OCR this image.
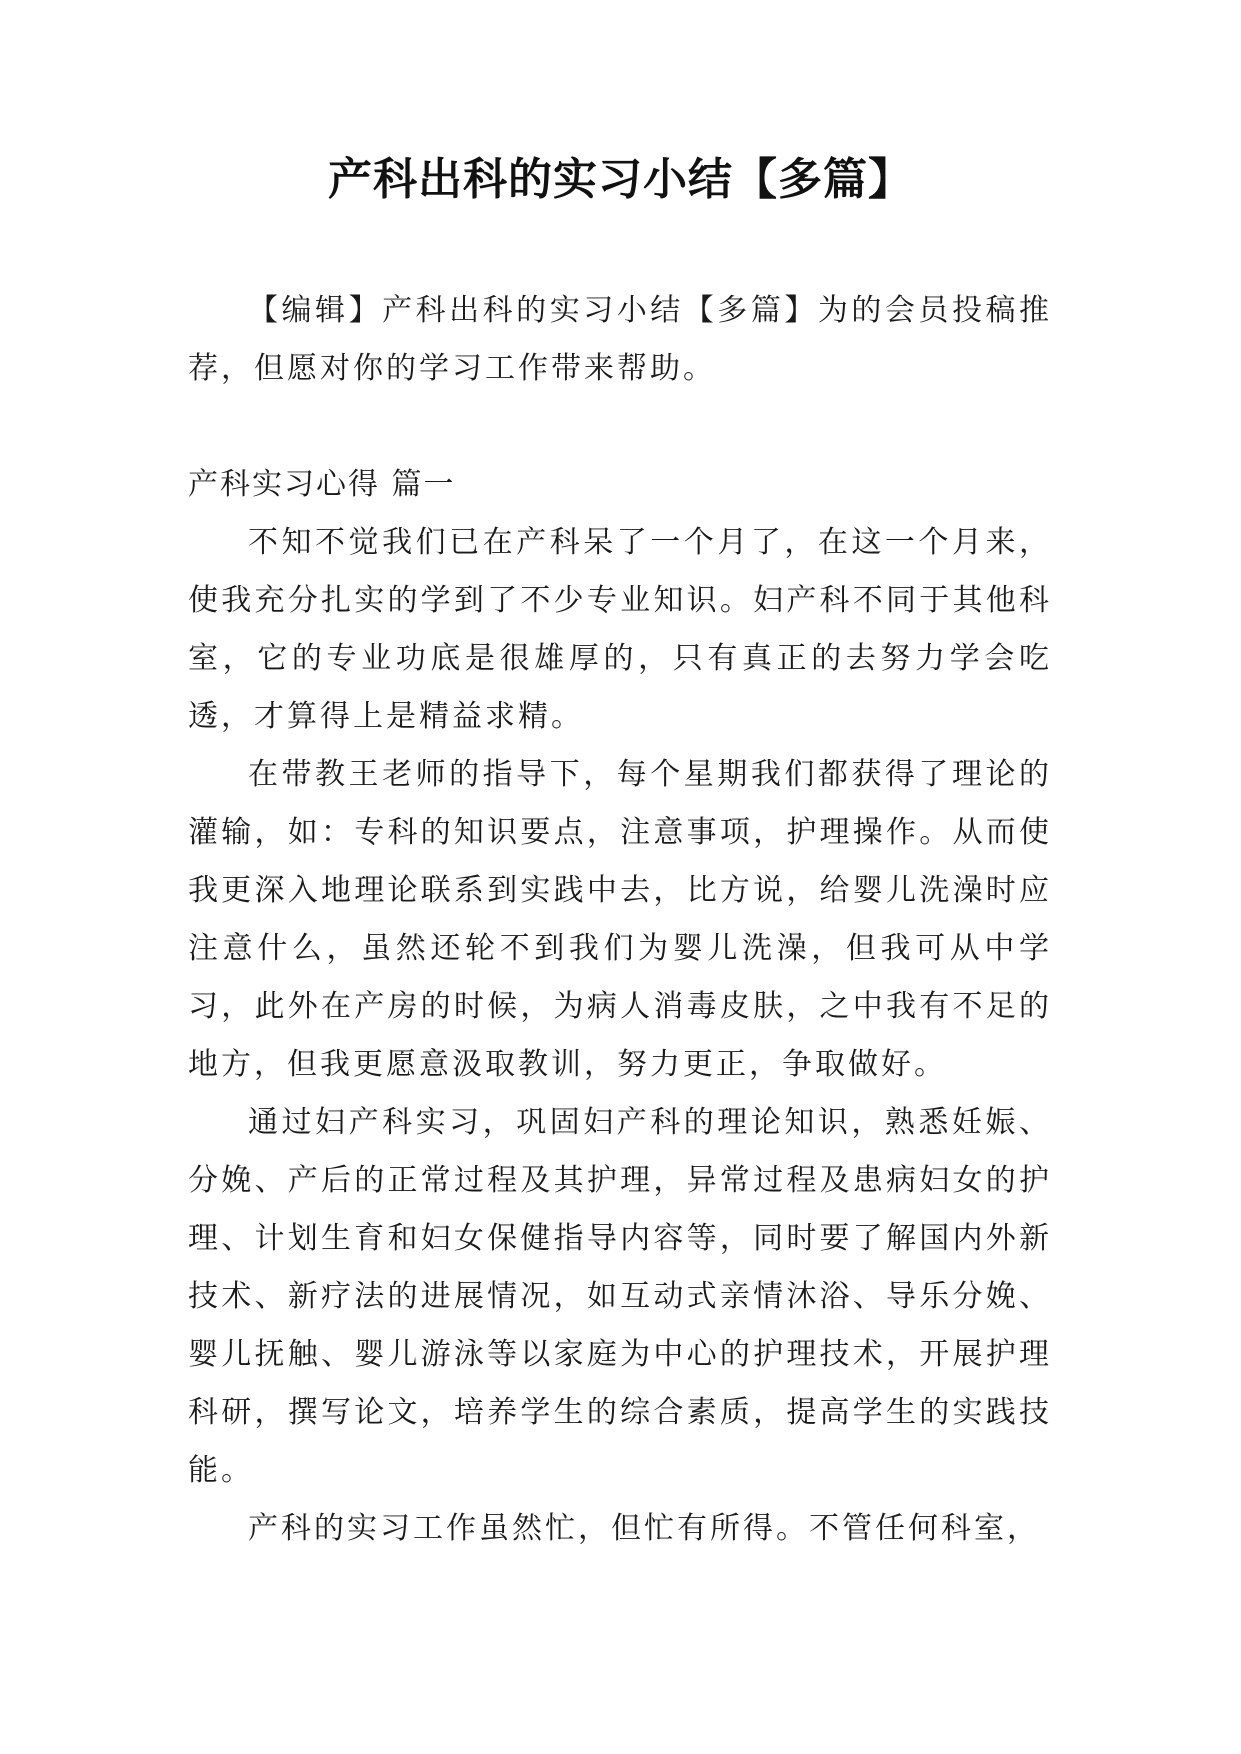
产科出科的实习小结【多篇】

【编辑】产科出科的实习小结【多篇】为的会员投稿推荐，但愿对你的学习工作带来帮助。

产科实习心得 篇一

不知不觉我们已在产科呆了一个月了，在这一个月来，使我充分扎实的学到了不少专业知识。妇产科不同于其他科室，它的专业功底是很雄厚的，只有真正的去努力学会吃透，才算得上是精益求精。

在带教王老师的指导下，每个星期我们都获得了理论的灌输，如：专科的知识要点，注意事项，护理操作。从而使我更深入地理论联系到实践中去，比方说，给婴儿洗澡时应注意什么，虽然还轮不到我们为婴儿洗澡，但我可从中学习，此外在产房的时候，为病人消毒皮肤，之中我有不足的地方，但我更愿意汲取教训，努力更正，争取做好。

通过妇产科实习，巩固妇产科的理论知识，熟悉妊娠、分娩、产后的正常过程及其护理，异常过程及患病妇女的护理、计划生育和妇女保健指导内容等，同时要了解国内外新技术、新疗法的进展情况，如互动式亲情沐浴、导乐分娩、婴儿抚触、婴儿游泳等以家庭为中心的护理技术，开展护理科研，撰写论文，培养学生的综合素质，提高学生的实践技能。

产科的实习工作虽然忙，但忙有所得。不管任何科室，
